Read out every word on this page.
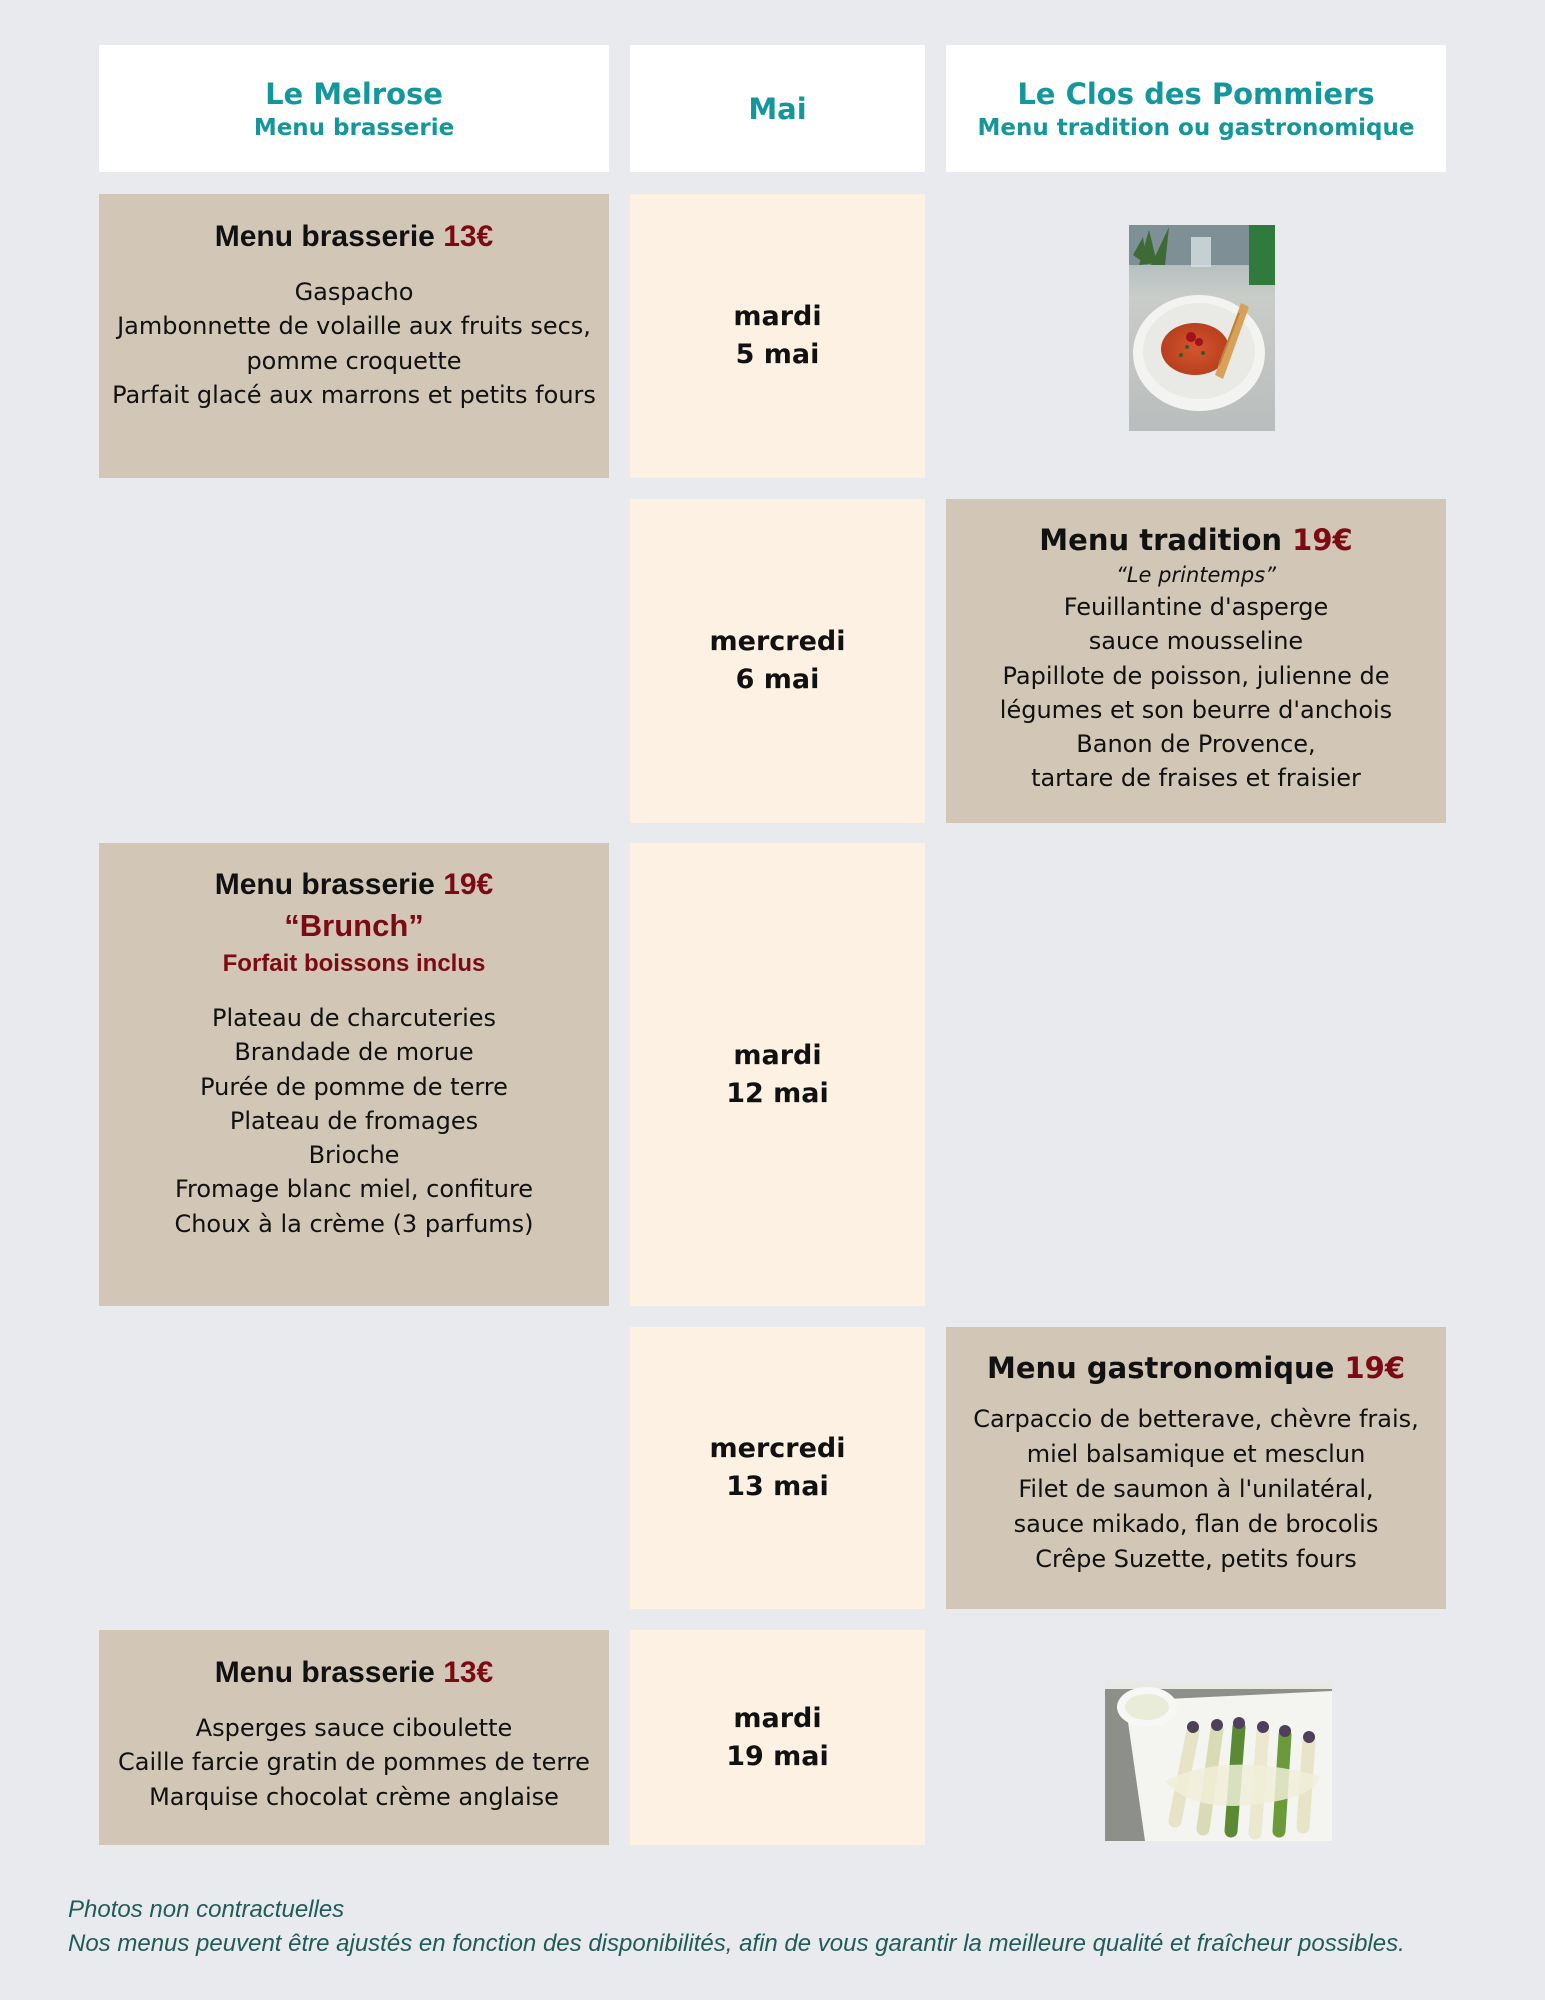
Le Melrose
Menu brasserie
Mai	Le Clos des Pommiers
Menu tradition ou gastronomique
Menu brasserie 13€
Gaspacho
Jambonnette de volaille aux fruits secs,
pomme croquette
Parfait glacé aux marrons et petits fours
mardi
5 mai
mercredi
6 mai
Menu tradition 19€
“Le printemps”
Feuillantine d'asperge
sauce mousseline
Papillote de poisson, julienne de
légumes et son beurre d'anchois
Banon de Provence,
tartare de fraises et fraisier
Menu brasserie 19€
“Brunch”
Forfait boissons inclus
Plateau de charcuteries
Brandade de morue
Purée de pomme de terre
Plateau de fromages
Brioche
Fromage blanc miel, confiture
Choux à la crème (3 parfums)
mardi
12 mai
mercredi
13 mai
Menu gastronomique 19€
Carpaccio de betterave, chèvre frais,
miel balsamique et mesclun
Filet de saumon à l'unilatéral,
sauce mikado, flan de brocolis
Crêpe Suzette, petits fours
Menu brasserie 13€
Asperges sauce ciboulette
Caille farcie gratin de pommes de terre
Marquise chocolat crème anglaise
mardi
19 mai
Photos non contractuelles
Nos menus peuvent être ajustés en fonction des disponibilités, afin de vous garantir la meilleure qualité et fraîcheur possibles.
